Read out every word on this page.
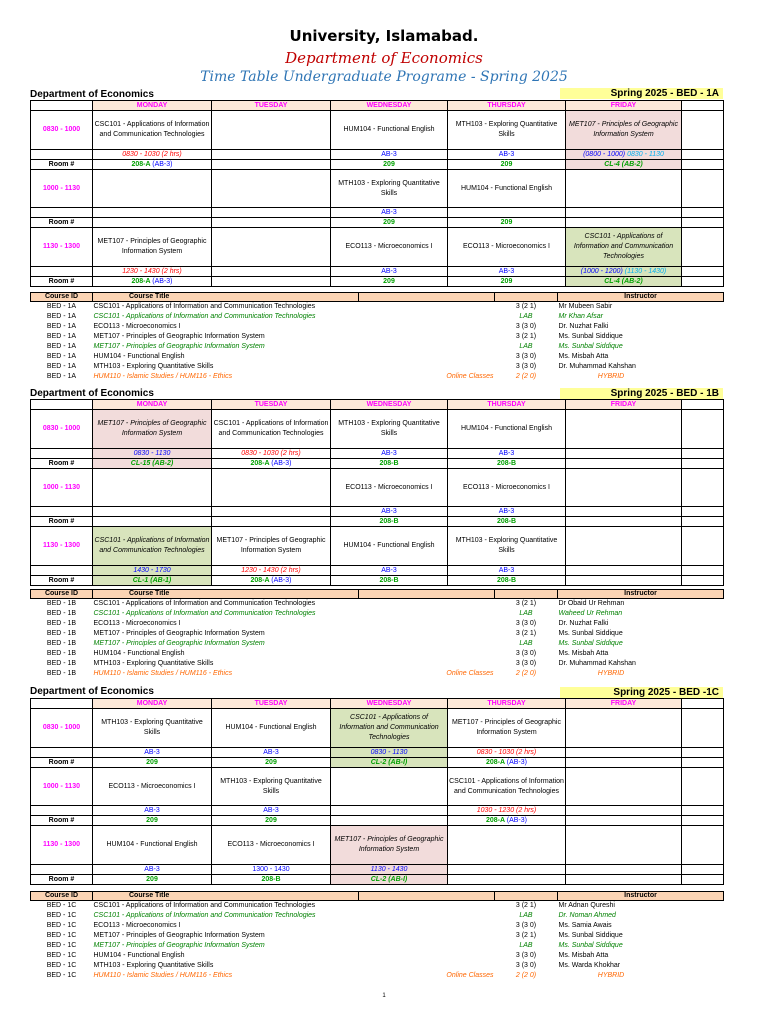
University, Islamabad.
Department of Economics
Time Table Undergraduate Programe - Spring 2025
Department of Economics	Spring 2025 - BED - 1A
	MONDAY	TUESDAY	WEDNESDAY	THURSDAY	FRIDAY	
0830 - 1000	CSC101 - Applications of Information and Communication Technologies		HUM104 - Functional English	MTH103 - Exploring Quantitative Skills	MET107 - Principles of Geographic Information System	
	0830 - 1030 (2 hrs)		AB-3	AB-3	(0800 - 1000) 0830 - 1130	
Room #	208-A (AB-3)		209	209	CL-4 (AB-2)	
1000 - 1130			MTH103 - Exploring Quantitative Skills	HUM104 - Functional English		
			AB-3			
Room #			209	209		
1130 - 1300	MET107 - Principles of Geographic Information System		ECO113 - Microeconomics I	ECO113 - Microeconomics I	CSC101 - Applications of Information and Communication Technologies	
	1230 - 1430 (2 hrs)		AB-3	AB-3	(1000 - 1200) (1130 - 1430)	
Room #	208-A (AB-3)		209	209	CL-4 (AB-2)	
Course ID	Course Title			Instructor
BED - 1A	CSC101 - Applications of Information and Communication Technologies		3 (2 1)	Mr Mubeen Sabir
BED - 1A	CSC101 - Applications of Information and Communication Technologies		LAB	Mr Khan Afsar
BED - 1A	ECO113 - Microeconomics I		3 (3 0)	Dr. Nuzhat Falki
BED - 1A	MET107 - Principles of Geographic Information System		3 (2 1)	Ms. Sunbal Siddique
BED - 1A	MET107 - Principles of Geographic Information System		LAB	Ms. Sunbal Siddique
BED - 1A	HUM104 - Functional English		3 (3 0)	Ms. Misbah Atta
BED - 1A	MTH103 - Exploring Quantitative Skills		3 (3 0)	Dr. Muhammad Kahshan
BED - 1A	HUM110 - Islamic Studies / HUM116 - Ethics	Online Classes	2 (2 0)	HYBRID
Department of Economics	Spring 2025 - BED - 1B
	MONDAY	TUESDAY	WEDNESDAY	THURSDAY	FRIDAY	
0830 - 1000	MET107 - Principles of Geographic Information System	CSC101 - Applications of Information and Communication Technologies	MTH103 - Exploring Quantitative Skills	HUM104 - Functional English		
	0830 - 1130	0830 - 1030 (2 hrs)	AB-3	AB-3		
Room #	CL-15 (AB-2)	208-A (AB-3)	208-B	208-B		
1000 - 1130			ECO113 - Microeconomics I	ECO113 - Microeconomics I		
			AB-3	AB-3		
Room #			208-B	208-B		
1130 - 1300	CSC101 - Applications of Information and Communication Technologies	MET107 - Principles of Geographic Information System	HUM104 - Functional English	MTH103 - Exploring Quantitative Skills		
	1430 - 1730	1230 - 1430 (2 hrs)	AB-3	AB-3		
Room #	CL-1 (AB-1)	208-A (AB-3)	208-B	208-B		
Course ID	Course Title			Instructor
BED - 1B	CSC101 - Applications of Information and Communication Technologies		3 (2 1)	Dr Obaid Ur Rehman
BED - 1B	CSC101 - Applications of Information and Communication Technologies		LAB	Waheed Ur Rehman
BED - 1B	ECO113 - Microeconomics I		3 (3 0)	Dr. Nuzhat Falki
BED - 1B	MET107 - Principles of Geographic Information System		3 (2 1)	Ms. Sunbal Siddique
BED - 1B	MET107 - Principles of Geographic Information System		LAB	Ms. Sunbal Siddique
BED - 1B	HUM104 - Functional English		3 (3 0)	Ms. Misbah Atta
BED - 1B	MTH103 - Exploring Quantitative Skills		3 (3 0)	Dr. Muhammad Kahshan
BED - 1B	HUM110 - Islamic Studies / HUM116 - Ethics	Online Classes	2 (2 0)	HYBRID
Department of Economics	Spring 2025 - BED -1C
	MONDAY	TUESDAY	WEDNESDAY	THURSDAY	FRIDAY	
0830 - 1000	MTH103 - Exploring Quantitative Skills	HUM104 - Functional English	CSC101 - Applications of Information and Communication Technologies	MET107 - Principles of Geographic Information System		
	AB-3	AB-3	0830 - 1130	0830 - 1030 (2 hrs)		
Room #	209	209	CL-2 (AB-I)	208-A (AB-3)		
1000 - 1130	ECO113 - Microeconomics I	MTH103 - Exploring Quantitative Skills		CSC101 - Applications of Information and Communication Technologies		
	AB-3	AB-3		1030 - 1230 (2 hrs)		
Room #	209	209		208-A (AB-3)		
1130 - 1300	HUM104 - Functional English	ECO113 - Microeconomics I	MET107 - Principles of Geographic Information System			
	AB-3	1300 - 1430	1130 - 1430			
Room #	209	208-B	CL-2 (AB-I)			
Course ID	Course Title			Instructor
BED - 1C	CSC101 - Applications of Information and Communication Technologies		3 (2 1)	Mr Adnan Qureshi
BED - 1C	CSC101 - Applications of Information and Communication Technologies		LAB	Dr. Noman Ahmed
BED - 1C	ECO113 - Microeconomics I		3 (3 0)	Ms. Samia Awais
BED - 1C	MET107 - Principles of Geographic Information System		3 (2 1)	Ms. Sunbal Siddique
BED - 1C	MET107 - Principles of Geographic Information System		LAB	Ms. Sunbal Siddique
BED - 1C	HUM104 - Functional English		3 (3 0)	Ms. Misbah Atta
BED - 1C	MTH103 - Exploring Quantitative Skills		3 (3 0)	Ms. Warda Khokhar
BED - 1C	HUM110 - Islamic Studies / HUM116 - Ethics	Online Classes	2 (2 0)	HYBRID
1
